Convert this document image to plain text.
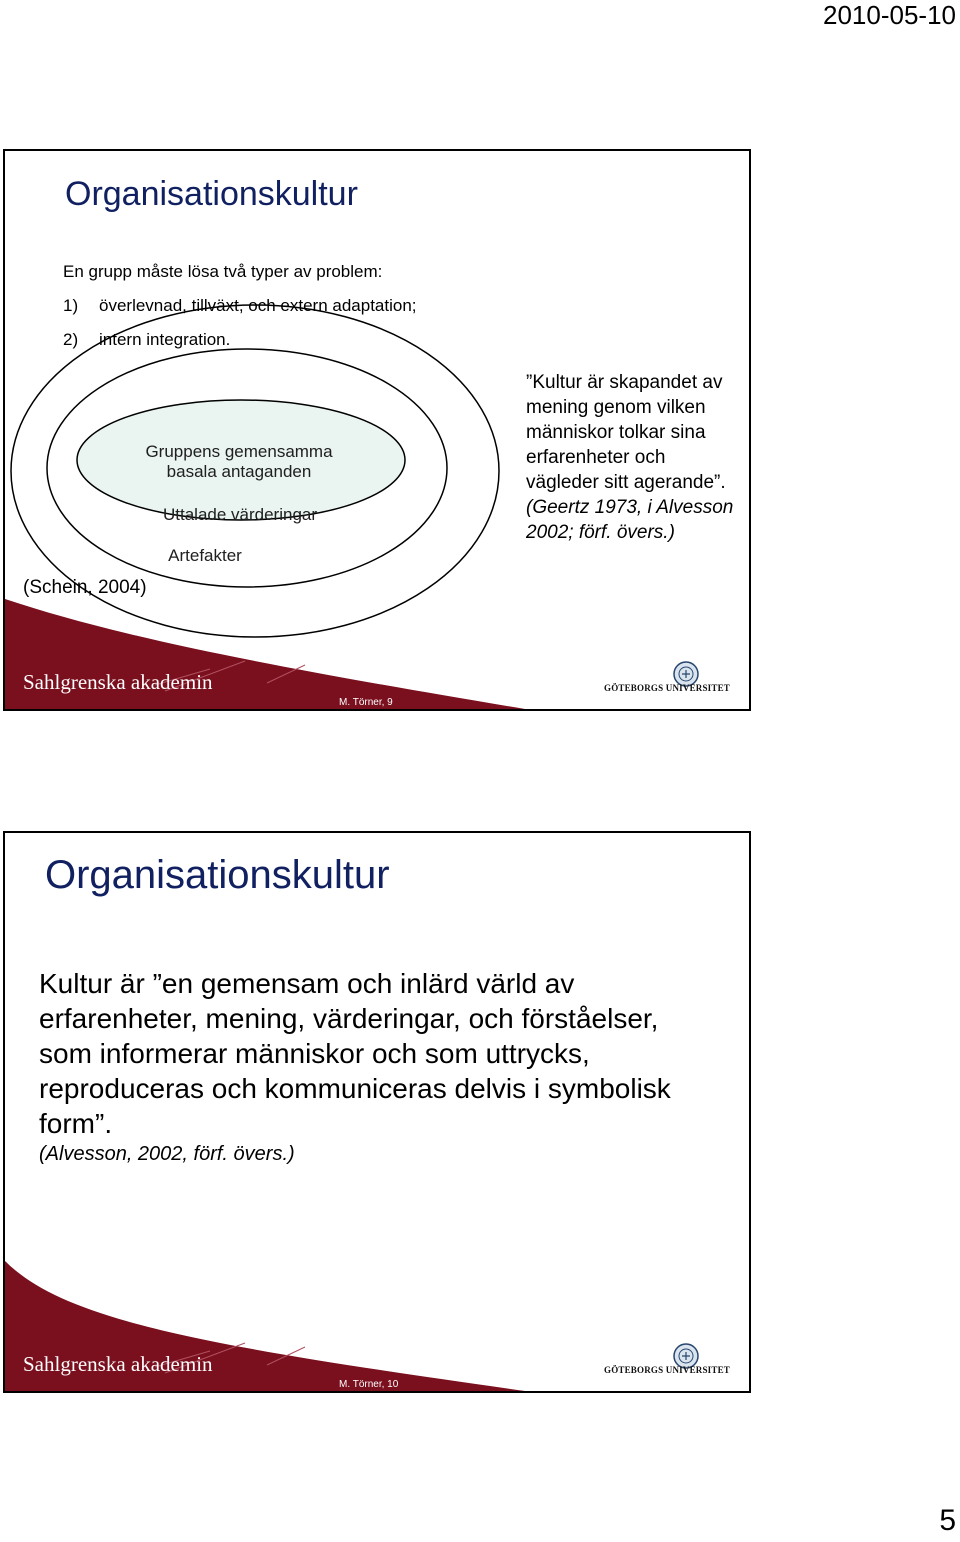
2010-05-10
Organisationskultur
En grupp måste lösa två typer av problem:
1) överlevnad, tillväxt, och extern adaptation;
2) intern integration.
Gruppens gemensamma
basala antaganden
Uttalade värderingar
Artefakter
(Schein, 2004)
”Kultur är skapandet av mening genom vilken människor tolkar sina erfarenheter och vägleder sitt agerande”. (Geertz 1973, i Alvesson 2002; förf. övers.)
Sahlgrenska akademin
M. Törner, 9
GÖTEBORGS UNIVERSITET
Organisationskultur
Kultur är ”en gemensam och inlärd värld av erfarenheter, mening, värderingar, och förståelser, som informerar människor och som uttrycks, reproduceras och kommuniceras delvis i symbolisk form”.
(Alvesson, 2002, förf. övers.)
Sahlgrenska akademin
M. Törner, 10
GÖTEBORGS UNIVERSITET
5
